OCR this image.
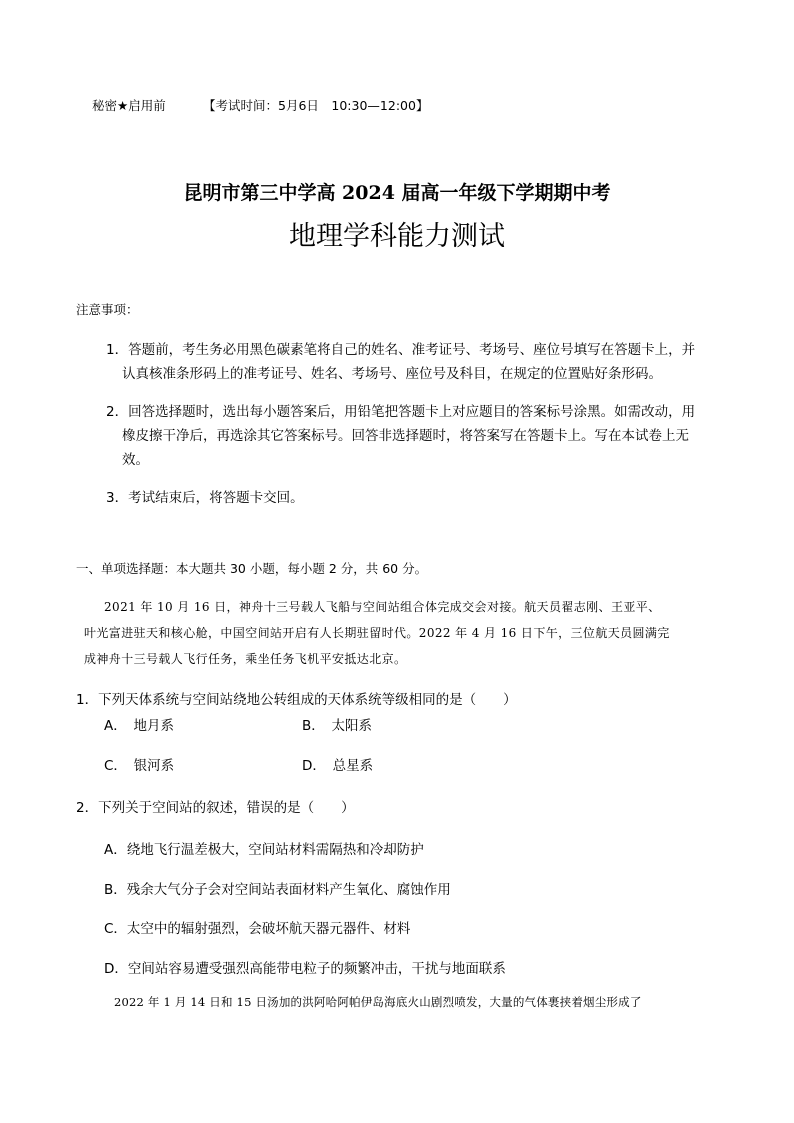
秘密★启用前	【考试时间：5月6日　10:30—12:00】
昆明市第三中学高 2024 届高一年级下学期期中考
地理学科能力测试
注意事项：
1．答题前，考生务必用黑色碳素笔将自己的姓名、准考证号、考场号、座位号填写在答题卡上，并
认真核准条形码上的准考证号、姓名、考场号、座位号及科目，在规定的位置贴好条形码。
2．回答选择题时，选出每小题答案后，用铅笔把答题卡上对应题目的答案标号涂黑。如需改动，用
橡皮擦干净后，再选涂其它答案标号。回答非选择题时，将答案写在答题卡上。写在本试卷上无
效。
3．考试结束后，将答题卡交回。
一、单项选择题：本大题共 30 小题，每小题 2 分，共 60 分。
2021 年 10 月 16 日，神舟十三号载人飞船与空间站组合体完成交会对接。航天员翟志刚、王亚平、
叶光富进驻天和核心舱，中国空间站开启有人长期驻留时代。2022 年 4 月 16 日下午，三位航天员圆满完
成神舟十三号载人飞行任务，乘坐任务飞机平安抵达北京。
1．下列天体系统与空间站绕地公转组成的天体系统等级相同的是（　　）
A．　地月系	B．　太阳系
C．　银河系	D．　总星系
2．下列关于空间站的叙述，错误的是（　　）
A．绕地飞行温差极大，空间站材料需隔热和冷却防护
B．残余大气分子会对空间站表面材料产生氧化、腐蚀作用
C．太空中的辐射强烈，会破坏航天器元器件、材料
D．空间站容易遭受强烈高能带电粒子的频繁冲击，干扰与地面联系
2022 年 1 月 14 日和 15 日汤加的洪阿哈阿帕伊岛海底火山剧烈喷发，大量的气体裹挟着烟尘形成了
